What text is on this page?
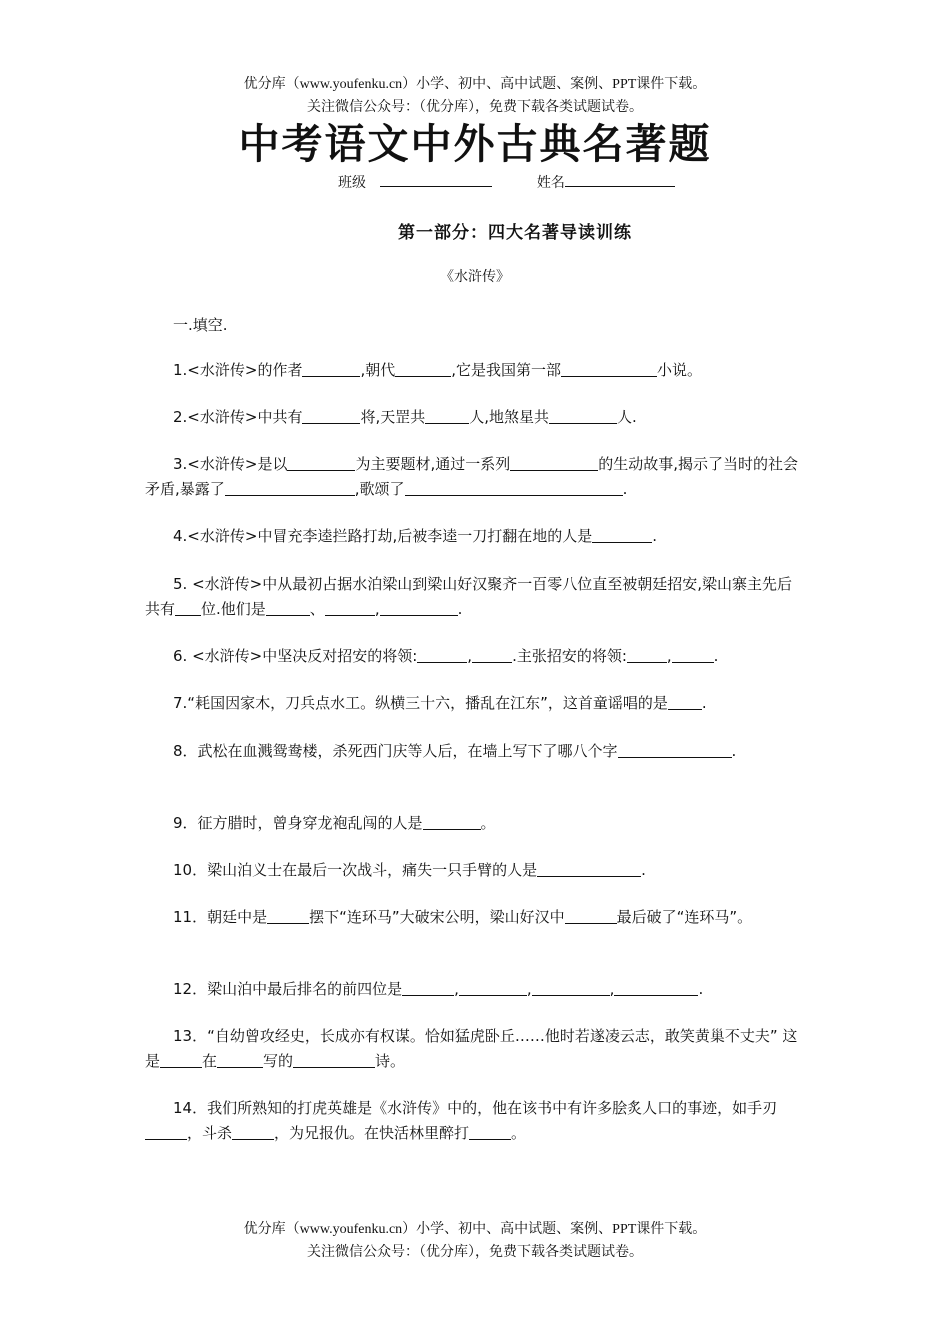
优分库（www.youfenku.cn）小学、初中、高中试题、案例、PPT课件下载。
关注微信公众号：（优分库），免费下载各类试题试卷。
中考语文中外古典名著题
班级	姓名
第一部分：四大名著导读训练
《水浒传》

一.填空.

1.<水浒传>的作者	,朝代	,它是我国第一部	小说。

2.<水浒传>中共有	将,天罡共	人,地煞星共	人.

3.<水浒传>是以	为主要题材,通过一系列	的生动故事,揭示了当时的社会矛盾,暴露了	,歌颂了	.

4.<水浒传>中冒充李逵拦路打劫,后被李逵一刀打翻在地的人是	.

5. <水浒传>中从最初占据水泊梁山到梁山好汉聚齐一百零八位直至被朝廷招安,梁山寨主先后共有 位.他们是	、	,	.

6. <水浒传>中坚决反对招安的将领:	,	.主张招安的将领:	,	.

7.“耗国因家木，刀兵点水工。纵横三十六，播乱在江东”，这首童谣唱的是 .

8．武松在血溅鸳鸯楼，杀死西门庆等人后，在墙上写下了哪八个字	.

9．征方腊时，曾身穿龙袍乱闯的人是	。

10．梁山泊义士在最后一次战斗，痛失一只手臂的人是	.

11．朝廷中是	摆下“连环马”大破宋公明，梁山好汉中	最后破了“连环马”。

12．梁山泊中最后排名的前四位是	,	,	,	.

13．“自幼曾攻经史，长成亦有权谋。恰如猛虎卧丘……他时若遂凌云志，敢笑黄巢不丈夫” 这是	在	写的	诗。

14．我们所熟知的打虎英雄是《水浒传》中的，他在该书中有许多脍炙人口的事迹，如手刃，斗杀	，为兄报仇。在快活林里醉打	。

优分库（www.youfenku.cn）小学、初中、高中试题、案例、PPT课件下载。
关注微信公众号：（优分库），免费下载各类试题试卷。
